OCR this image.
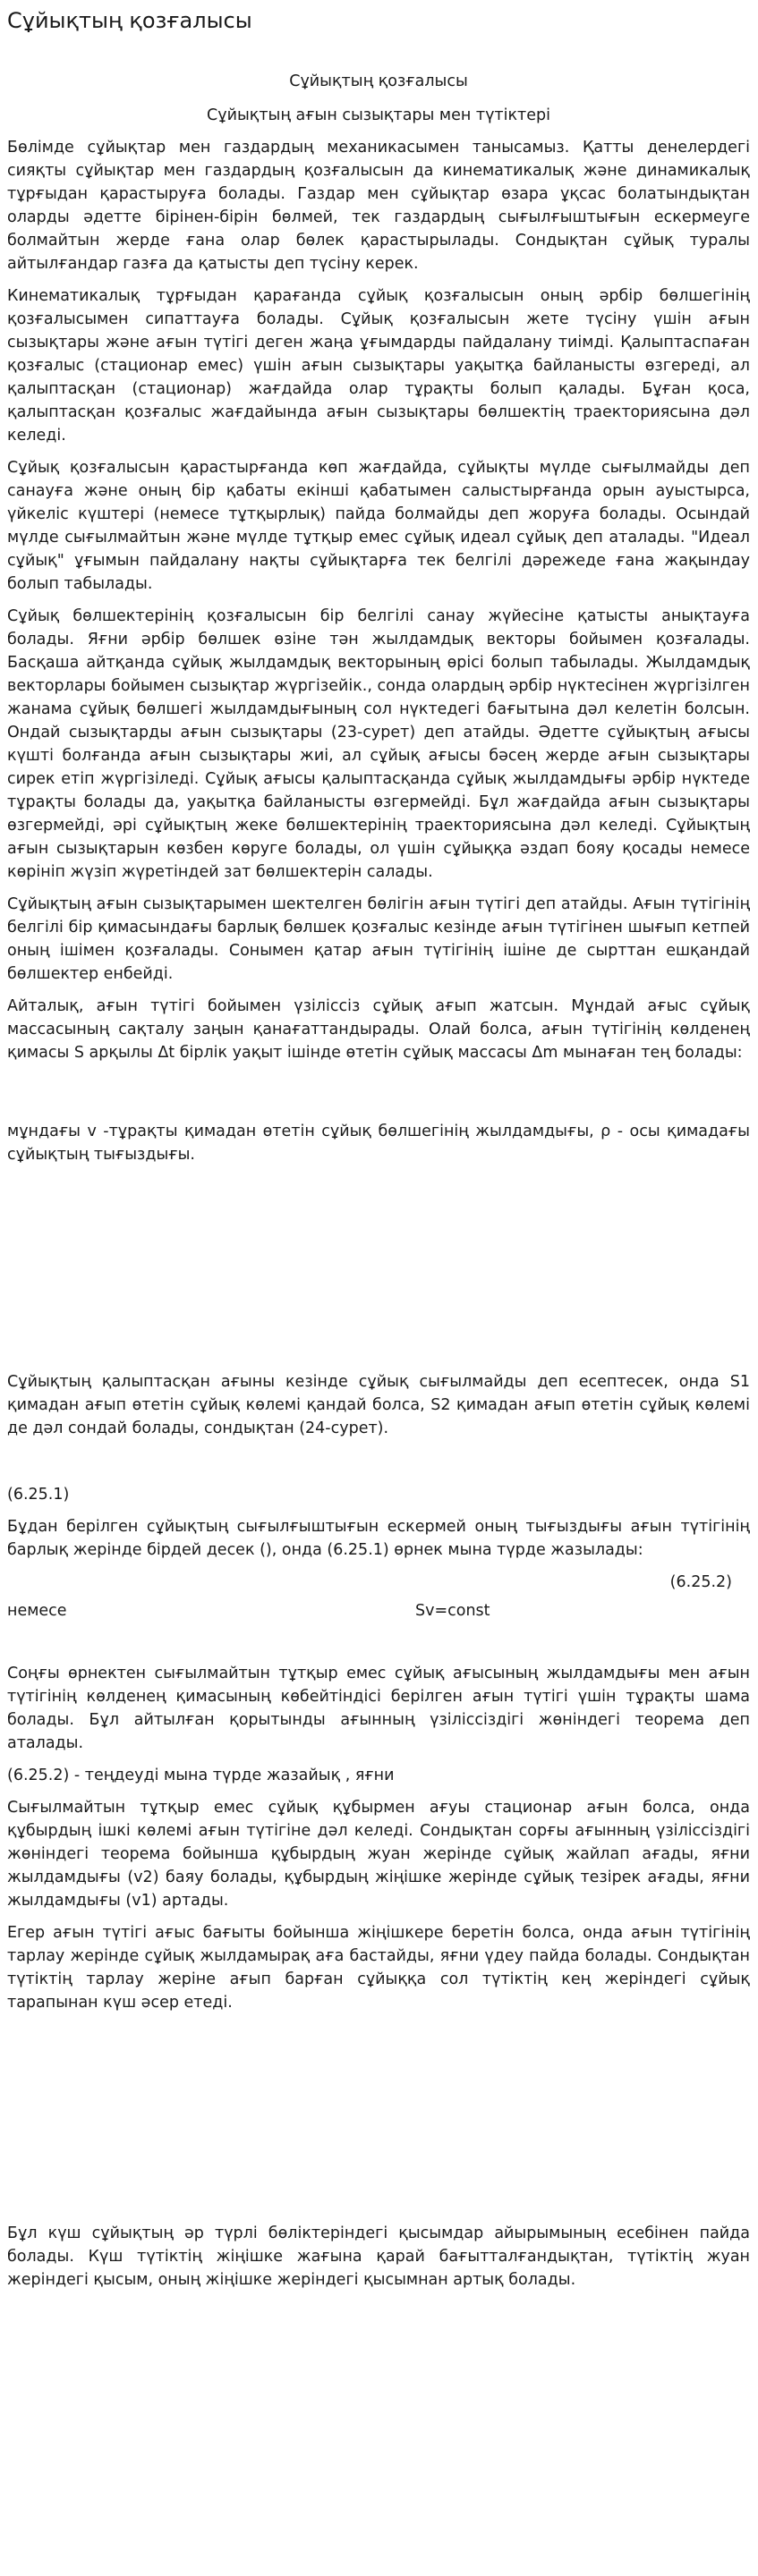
Сұйықтың қозғалысы

Сұйықтың қозғалысы

Сұйықтың ағын сызықтары мен түтіктері

Бөлімде сұйықтар мен газдардың механикасымен танысамыз. Қатты денелердегі сияқты сұйықтар мен газдардың қозғалысын да кинематикалық және динамикалық тұрғыдан қарастыруға болады. Газдар мен сұйықтар өзара ұқсас болатындықтан оларды әдетте бірінен-бірін бөлмей, тек газдардың сығылғыштығын ескермеуге болмайтын жерде ғана олар бөлек қарастырылады. Сондықтан сұйық туралы айтылғандар газға да қатысты деп түсіну керек.

Кинематикалық тұрғыдан қарағанда сұйық қозғалысын оның әрбір бөлшегінің қозғалысымен сипаттауға болады. Сұйық қозғалысын жете түсіну үшін ағын сызықтары және ағын түтігі деген жаңа ұғымдарды пайдалану тиімді. Қалыптаспаған қозғалыс (стационар емес) үшін ағын сызықтары уақытқа байланысты өзгереді, ал қалыптасқан (стационар) жағдайда олар тұрақты болып қалады. Бұған қоса, қалыптасқан қозғалыс жағдайында ағын сызықтары бөлшектің траекториясына дәл келеді.

Сұйық қозғалысын қарастырғанда көп жағдайда, сұйықты мүлде сығылмайды деп санауға және оның бір қабаты екінші қабатымен салыстырғанда орын ауыстырса, үйкеліс күштері (немесе тұтқырлық) пайда болмайды деп жоруға болады. Осындай мүлде сығылмайтын және мүлде тұтқыр емес сұйық идеал сұйық деп аталады. "Идеал сұйық" ұғымын пайдалану нақты сұйықтарға тек белгілі дәрежеде ғана жақындау болып табылады.

Сұйық бөлшектерінің қозғалысын бір белгілі санау жүйесіне қатысты анықтауға болады. Яғни әрбір бөлшек өзіне тән жылдамдық векторы бойымен қозғалады. Басқаша айтқанда сұйық жылдамдық векторының өрісі болып табылады. Жылдамдық векторлары бойымен сызықтар жүргізейік., сонда олардың әрбір нүктесінен жүргізілген жанама сұйық бөлшегі жылдамдығының сол нүктедегі бағытына дәл келетін болсын. Ондай сызықтарды ағын сызықтары (23-сурет) деп атайды. Әдетте сұйықтың ағысы күшті болғанда ағын сызықтары жиі, ал сұйық ағысы бәсең жерде ағын сызықтары сирек етіп жүргізіледі. Сұйық ағысы қалыптасқанда сұйық жылдамдығы әрбір нүктеде тұрақты болады да, уақытқа байланысты өзгермейді. Бұл жағдайда ағын сызықтары өзгермейді, әрі сұйықтың жеке бөлшектерінің траекториясына дәл келеді. Сұйықтың ағын сызықтарын көзбен көруге болады, ол үшін сұйыққа әздап бояу қосады немесе көрініп жүзіп жүретіндей зат бөлшектерін салады.

Сұйықтың ағын сызықтарымен шектелген бөлігін ағын түтігі деп атайды. Ағын түтігінің белгілі бір қимасындағы барлық бөлшек қозғалыс кезінде ағын түтігінен шығып кетпей оның ішімен қозғалады. Сонымен қатар ағын түтігінің ішіне де сырттан ешқандай бөлшектер енбейді.

Айталық, ағын түтігі бойымен үзіліссіз сұйық ағып жатсын. Мұндай ағыс сұйық массасының сақталу заңын қанағаттандырады. Олай болса, ағын түтігінің көлденең қимасы S арқылы Δt бірлік уақыт ішінде өтетін сұйық массасы Δm мынаған тең болады:

мұндағы v -тұрақты қимадан өтетін сұйық бөлшегінің жылдамдығы, ρ - осы қимадағы сұйықтың тығыздығы.

Сұйықтың қалыптасқан ағыны кезінде сұйық сығылмайды деп есептесек, онда S1 қимадан ағып өтетін сұйық көлемі қандай болса, S2 қимадан ағып өтетін сұйық көлемі де дәл сондай болады, сондықтан (24-сурет).

(6.25.1)

Бұдан берілген сұйықтың сығылғыштығын ескермей оның тығыздығы ағын түтігінің барлық жерінде бірдей десек (), онда (6.25.1) өрнек мына түрде жазылады:

(6.25.2)

немесе	Sv=const

Соңғы өрнектен сығылмайтын тұтқыр емес сұйық ағысының жылдамдығы мен ағын түтігінің көлденең қимасының көбейтіндісі берілген ағын түтігі үшін тұрақты шама болады. Бұл айтылған қорытынды ағынның үзіліссіздігі жөніндегі теорема деп аталады.

(6.25.2) - теңдеуді мына түрде жазайық , яғни

Сығылмайтын тұтқыр емес сұйық құбырмен ағуы стационар ағын болса, онда құбырдың ішкі көлемі ағын түтігіне дәл келеді. Сондықтан сорғы ағынның үзіліссіздігі жөніндегі теорема бойынша құбырдың жуан жерінде сұйық жайлап ағады, яғни жылдамдығы (v2) баяу болады, құбырдың жіңішке жерінде сұйық тезірек ағады, яғни жылдамдығы (v1) артады.

Егер ағын түтігі ағыс бағыты бойынша жіңішкере беретін болса, онда ағын түтігінің тарлау жерінде сұйық жылдамырақ аға бастайды, яғни үдеу пайда болады. Сондықтан түтіктің тарлау жеріне ағып барған сұйыққа сол түтіктің кең жеріндегі сұйық тарапынан күш әсер етеді.

Бұл күш сұйықтың әр түрлі бөліктеріндегі қысымдар айырымының есебінен пайда болады. Күш түтіктің жіңішке жағына қарай бағытталғандықтан, түтіктің жуан жеріндегі қысым, оның жіңішке жеріндегі қысымнан артық болады.
